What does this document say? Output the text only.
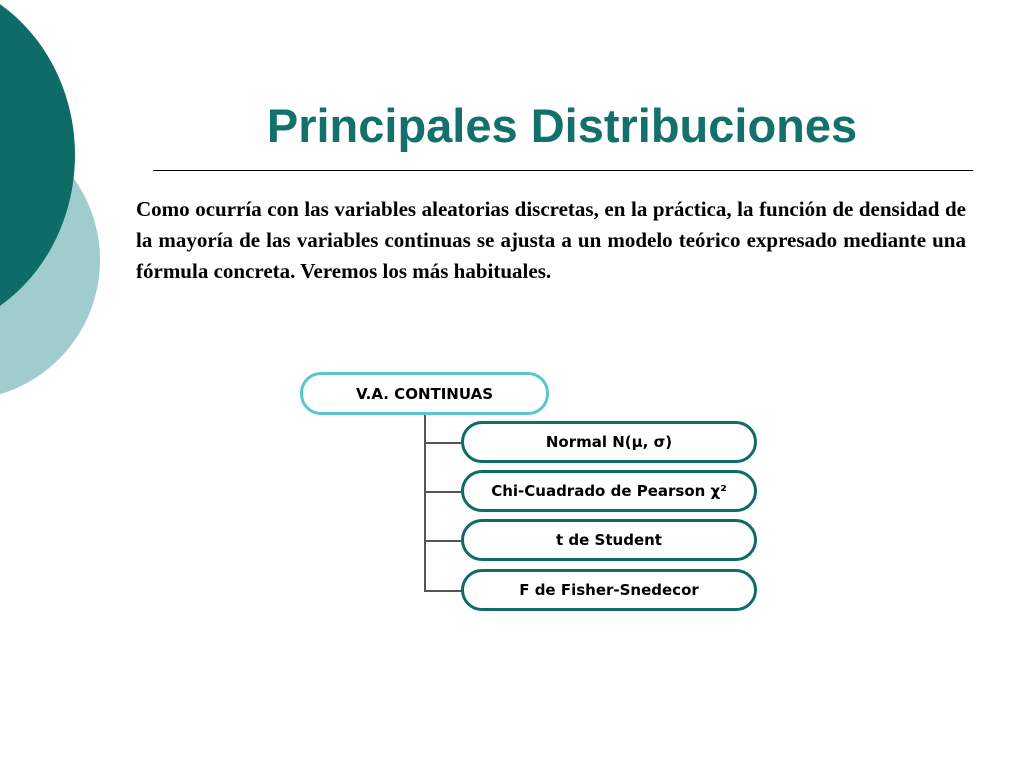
Principales Distribuciones

Como ocurría con las variables aleatorias discretas, en la práctica, la función de densidad de la mayoría de las variables continuas se ajusta a un modelo teórico expresado mediante una fórmula concreta. Veremos los más habituales.

V.A. CONTINUAS
Normal N(μ, σ)
Chi-Cuadrado de Pearson χ²
t de Student
F de Fisher-Snedecor
